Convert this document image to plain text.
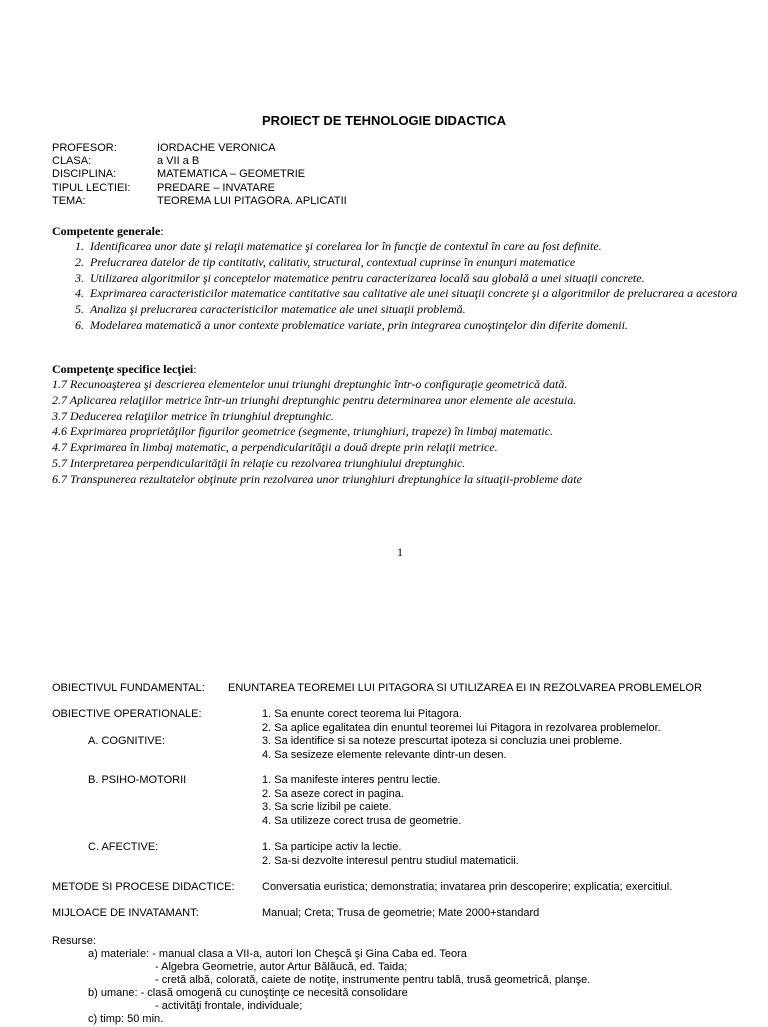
PROIECT DE TEHNOLOGIE DIDACTICA
PROFESOR:	IORDACHE VERONICA
CLASA:	a VII a B
DISCIPLINA:	MATEMATICA – GEOMETRIE
TIPUL LECTIEI: PREDARE – INVATARE
TEMA:	TEOREMA LUI PITAGORA. APLICATII
Competente generale:
1. Identificarea unor date şi relaţii matematice şi corelarea lor în funcţie de contextul în care au fost definite.
2. Prelucrarea datelor de tip cantitativ, calitativ, structural, contextual cuprinse în enunţuri matematice
3. Utilizarea algoritmilor şi conceptelor matematice pentru caracterizarea locală sau globală a unei situaţii concrete.
4. Exprimarea caracteristicilor matematice cantitative sau calitative ale unei situaţii concrete şi a algoritmilor de prelucrarea a acestora
5. Analiza şi prelucrarea caracteristicilor matematice ale unei situaţii problemă.
6. Modelarea matematică a unor contexte problematice variate, prin integrarea cunoştinţelor din diferite domenii.
Competenţe specifice lecţiei:
1.7 Recunoaşterea şi descrierea elementelor unui triunghi dreptunghic într-o configuraţie geometrică dată.
2.7 Aplicarea relaţiilor metrice într-un triunghi dreptunghic pentru determinarea unor elemente ale acestuia.
3.7 Deducerea relaţiilor metrice în triunghiul dreptunghic.
4.6 Exprimarea proprietăţilor figurilor geometrice (segmente, triunghiuri, trapeze) în limbaj matematic.
4.7 Exprimarea în limbaj matematic, a perpendicularităţii a două drepte prin relaţii metrice.
5.7 Interpretarea perpendicularităţii în relaţie cu rezolvarea triunghiului dreptunghic.
6.7 Transpunerea rezultatelor obţinute prin rezolvarea unor triunghiuri dreptunghice la situaţii-probleme date
1
OBIECTIVUL FUNDAMENTAL: ENUNTAREA TEOREMEI LUI PITAGORA SI UTILIZAREA EI IN REZOLVAREA PROBLEMELOR
OBIECTIVE OPERATIONALE:
A. COGNITIVE:
1. Sa enunte corect teorema lui Pitagora.
2. Sa aplice egalitatea din enuntul teoremei lui Pitagora in rezolvarea problemelor.
3. Sa identifice si sa noteze prescurtat ipoteza si concluzia unei probleme.
4. Sa sesizeze elemente relevante dintr-un desen.
B. PSIHO-MOTORII	1. Sa manifeste interes pentru lectie.
2. Sa aseze corect in pagina.
3. Sa scrie lizibil pe caiete.
4. Sa utilizeze corect trusa de geometrie.
C. AFECTIVE:	1. Sa participe activ la lectie.
2. Sa-si dezvolte interesul pentru studiul matematicii.
METODE SI PROCESE DIDACTICE: Conversatia euristica; demonstratia; invatarea prin descoperire; explicatia; exercitiul.
MIJLOACE DE INVATAMANT:	Manual; Creta; Trusa de geometrie; Mate 2000+standard
Resurse:
a) materiale: - manual clasa a VII-a, autori Ion Cheşcă şi Gina Caba ed. Teora
- Algebra Geometrie, autor Artur Bălăucă, ed. Taida;
- cretă albă, colorată, caiete de notiţe, instrumente pentru tablă, trusă geometrică, planşe.
b) umane: - clasă omogenă cu cunoştinţe ce necesită consolidare
- activităţi frontale, individuale;
c) timp: 50 min.
